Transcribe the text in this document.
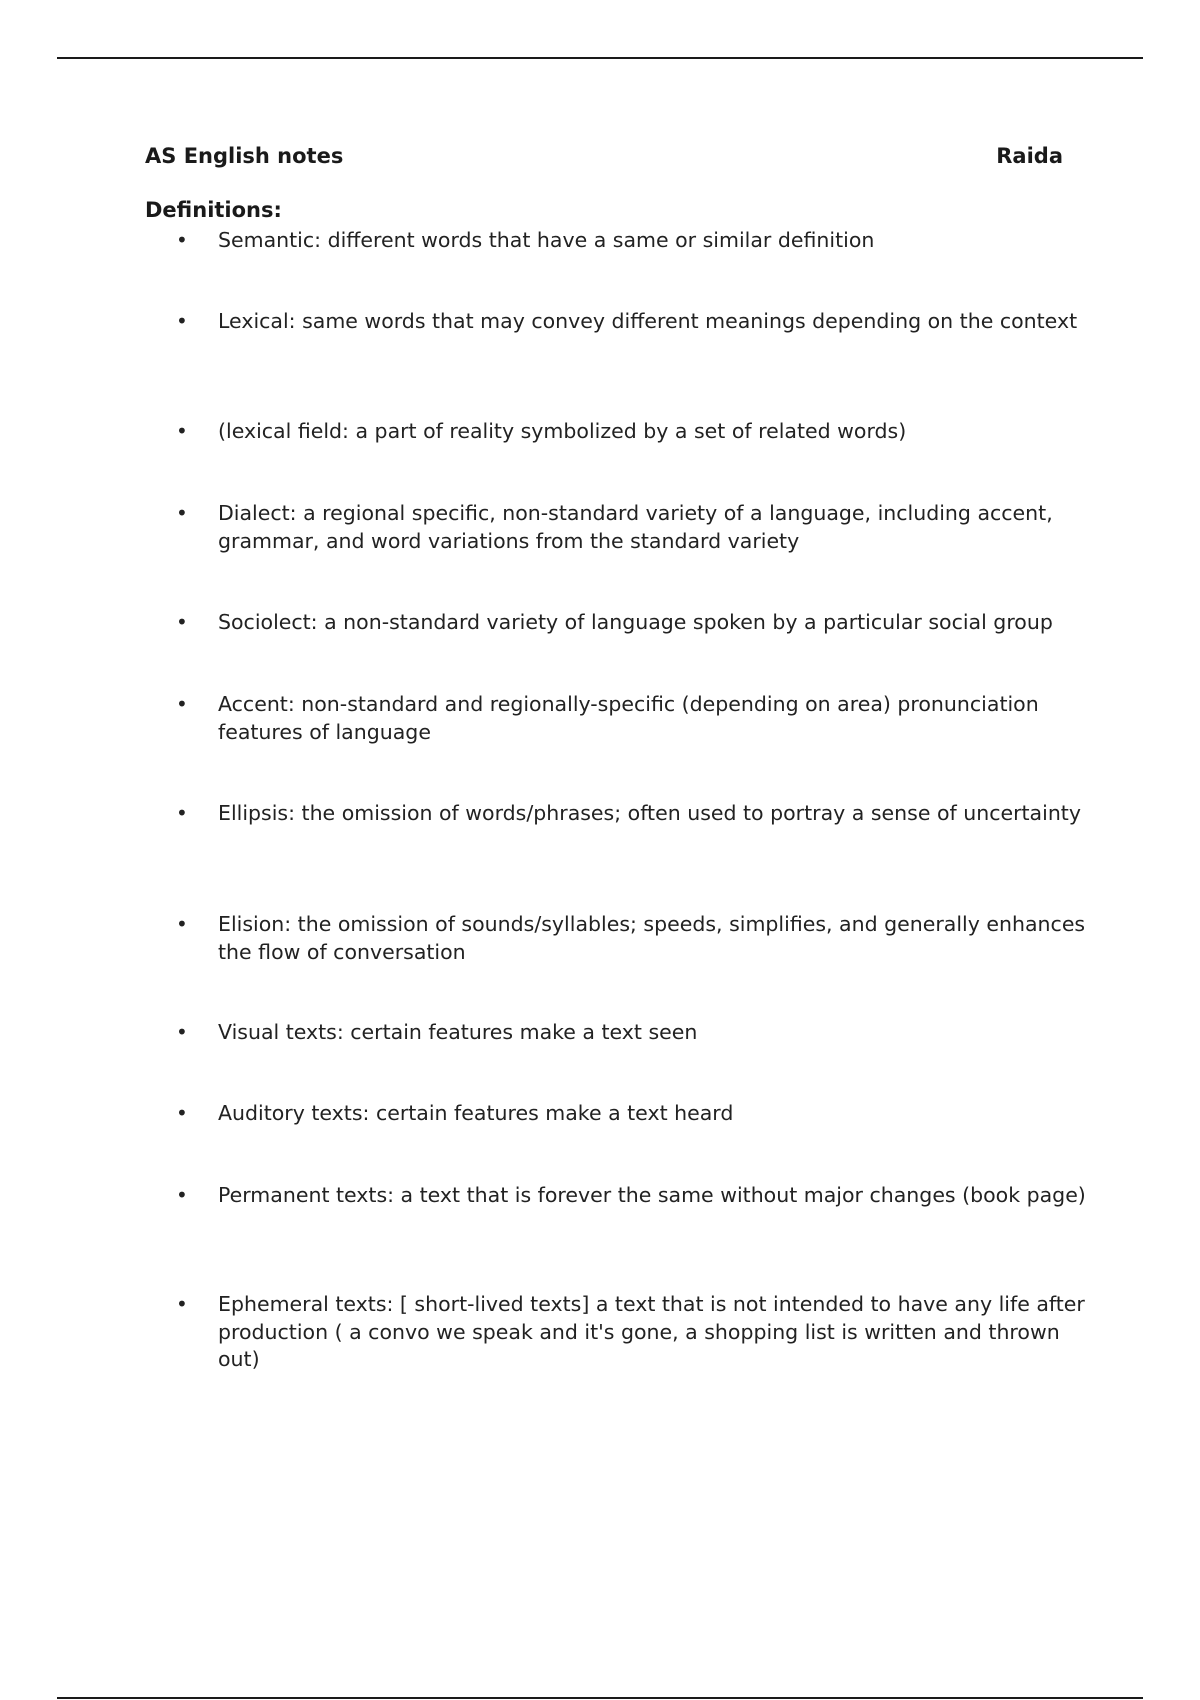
AS English notes	Raida
Definitions:
• Semantic: different words that have a same or similar definition
• Lexical: same words that may convey different meanings depending on the context
• (lexical field: a part of reality symbolized by a set of related words)
• Dialect: a regional specific, non-standard variety of a language, including accent, grammar, and word variations from the standard variety
• Sociolect: a non-standard variety of language spoken by a particular social group
• Accent: non-standard and regionally-specific (depending on area) pronunciation features of language
• Ellipsis: the omission of words/phrases; often used to portray a sense of uncertainty
• Elision: the omission of sounds/syllables; speeds, simplifies, and generally enhances the flow of conversation
• Visual texts: certain features make a text seen
• Auditory texts: certain features make a text heard
• Permanent texts: a text that is forever the same without major changes (book page)
• Ephemeral texts: [ short-lived texts] a text that is not intended to have any life after production ( a convo we speak and it's gone, a shopping list is written and thrown out)
